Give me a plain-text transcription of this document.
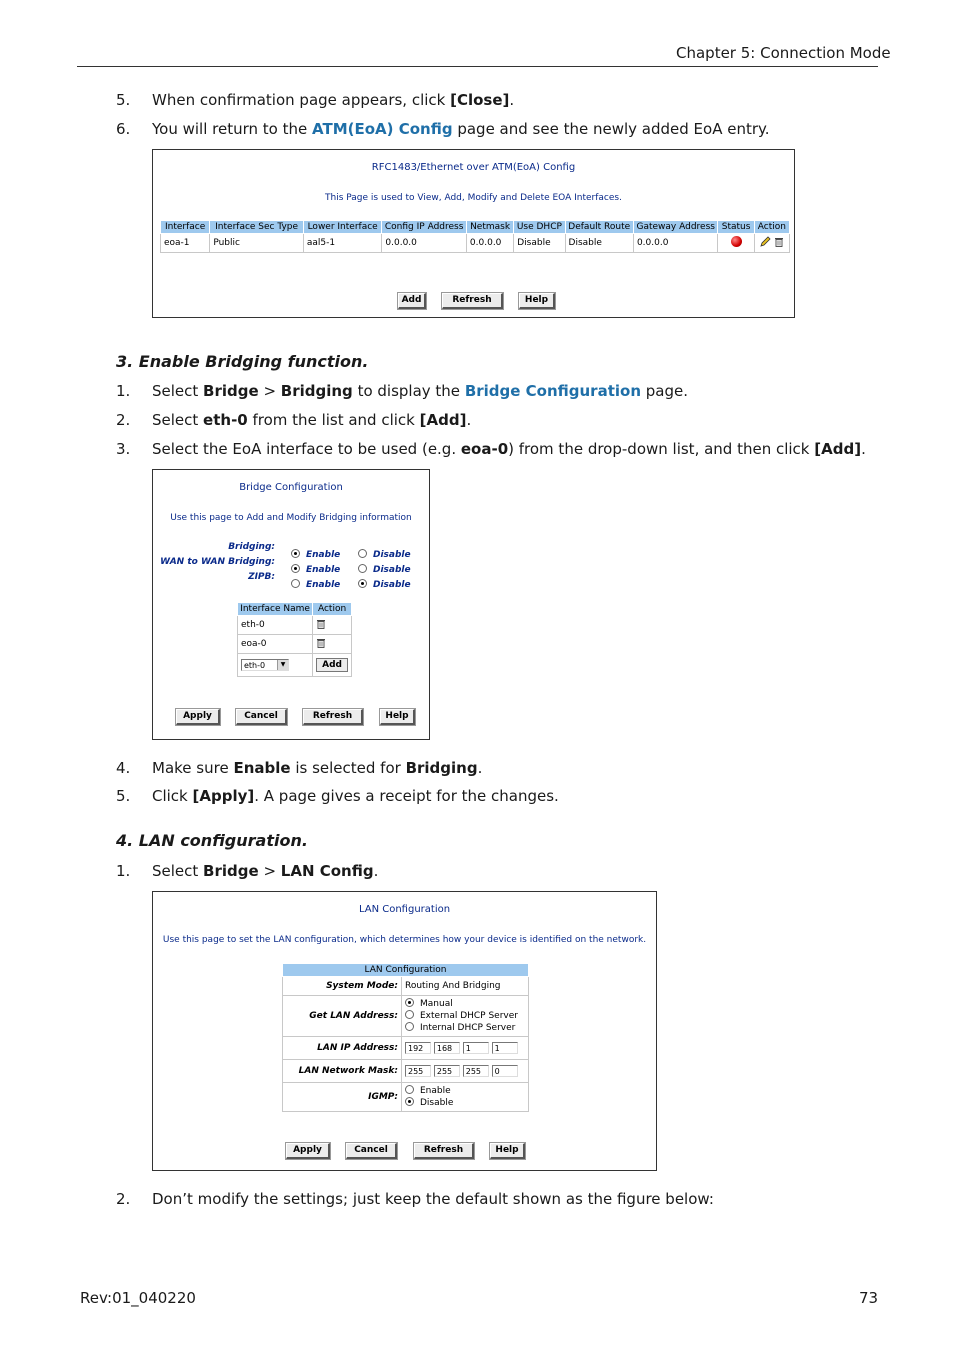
Chapter 5: Connection Mode
5. When confirmation page appears, click [Close].
6. You will return to the ATM(EoA) Config page and see the newly added EoA entry.
RFC1483/Ethernet over ATM(EoA) Config
This Page is used to View, Add, Modify and Delete EOA Interfaces.
Interface	Interface Sec Type	Lower Interface	Config IP Address	Netmask	Use DHCP	Default Route	Gateway Address	Status	Action
eoa-1	Public	aal5-1	0.0.0.0	0.0.0.0	Disable	Disable	0.0.0.0		
Add	Refresh	Help
3. Enable Bridging function.
1. Select Bridge > Bridging to display the Bridge Configuration page.
2. Select eth-0 from the list and click [Add].
3. Select the EoA interface to be used (e.g. eoa-0) from the drop-down list, and then click [Add].
Bridge Configuration
Use this page to Add and Modify Bridging information
Bridging:
Enable	Disable
WAN to WAN Bridging:
Enable	Disable
ZIPB:
Enable	Disable
Interface Name	Action
eth-0	
eoa-0	
eth-0 ▼	Add
Apply	Cancel	Refresh	Help
4. Make sure Enable is selected for Bridging.
5. Click [Apply]. A page gives a receipt for the changes.
4. LAN configuration.
1. Select Bridge > LAN Config.
LAN Configuration
Use this page to set the LAN configuration, which determines how your device is identified on the network.
LAN Configuration	
System Mode:	Routing And Bridging
Get LAN Address:	Manual
External DHCP Server
Internal DHCP Server

LAN IP Address:	192 168 1 1
LAN Network Mask:	255 255 255 0
IGMP:	Enable
Disable
Apply	Cancel	Refresh	Help
2. Don’t modify the settings; just keep the default shown as the figure below:
Rev:01_040220	73
